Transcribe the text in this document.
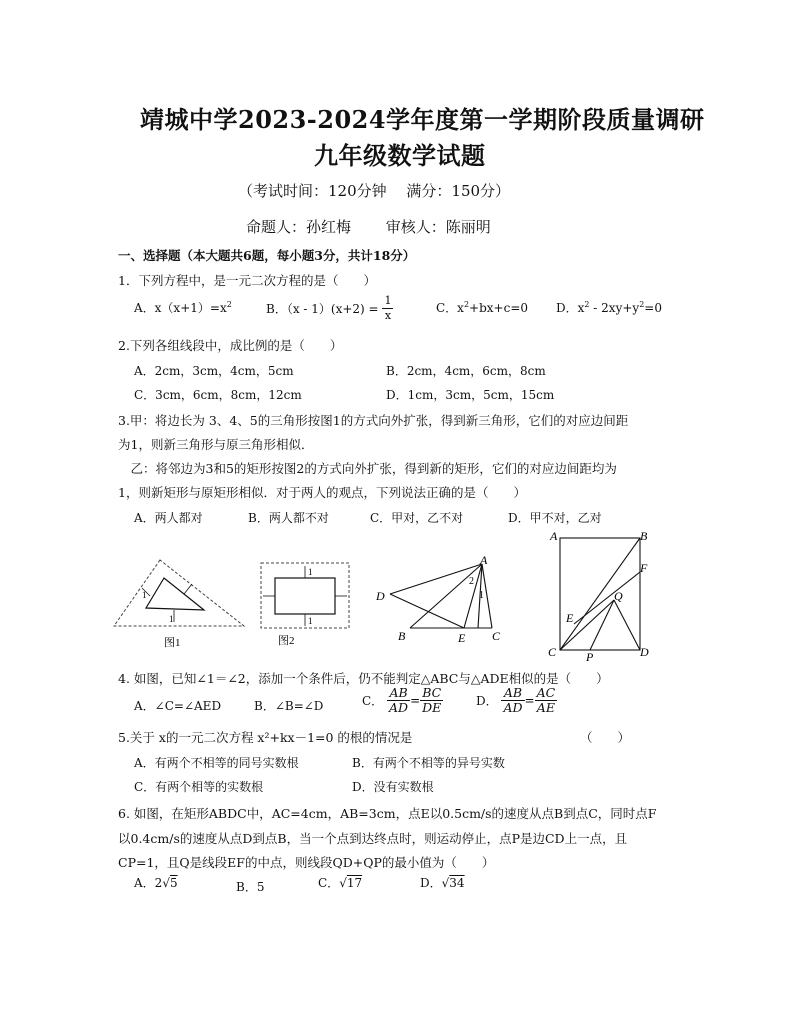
靖城中学2023-2024学年度第一学期阶段质量调研
九年级数学试题
（考试时间：120分钟　 满分：150分）
命题人：孙红梅　　 审核人：陈丽明
一、选择题（本大题共6题，每小题3分，共计18分）
1．下列方程中，是一元二次方程的是（　　）
A．$x(x+1)=x^2$	B．$(x - 1)(x+2) = \frac{1}{x}$	C．$x^2+bx+c=0$ D．$x^2 - 2xy+y^2=0$
2.下列各组线段中，成比例的是（　　）
A．2cm，3cm，4cm，5cm	B．2cm，4cm，6cm，8cm
C．3cm，6cm，8cm，12cm	D．1cm，3cm，5cm，15cm
3.甲：将边长为 3、4、5的三角形按图1的方式向外扩张，得到新三角形，它们的对应边间距
为1，则新三角形与原三角形相似．
　乙：将邻边为3和5的矩形按图2的方式向外扩张，得到新的矩形，它们的对应边间距均为
1，则新矩形与原矩形相似．对于两人的观点，下列说法正确的是（　　）
A．两人都对	B．两人都不对	C．甲对，乙不对	D．甲不对，乙对
1
1
图1
1
1
图2
A
D
B	E C
2
1
A	B
F
Q
E
C P	D
4. 如图，已知∠1＝∠2，添加一个条件后，仍不能判定△ABC与△ADE相似的是（　　）
A．∠C=∠AED	B．∠B=∠D	C． $\frac{AB}{AD} = \frac{BC}{DE}$	D． $\frac{AB}{AD} = \frac{AC}{AE}$
5.关于 x的一元二次方程 x²+kx－1=0 的根的情况是	（　　）
A．有两个不相等的同号实数根	B．有两个不相等的异号实数
C．有两个相等的实数根	D．没有实数根
6. 如图，在矩形ABDC中，AC=4cm，AB=3cm，点E以0.5cm/s的速度从点B到点C，同时点F
以0.4cm/s的速度从点D到点B，当一个点到达终点时，则运动停止，点P是边CD上一点，且
CP=1，且Q是线段EF的中点，则线段QD+QP的最小值为（　　）
A．2√5	B．5	C．√17	D．√34
